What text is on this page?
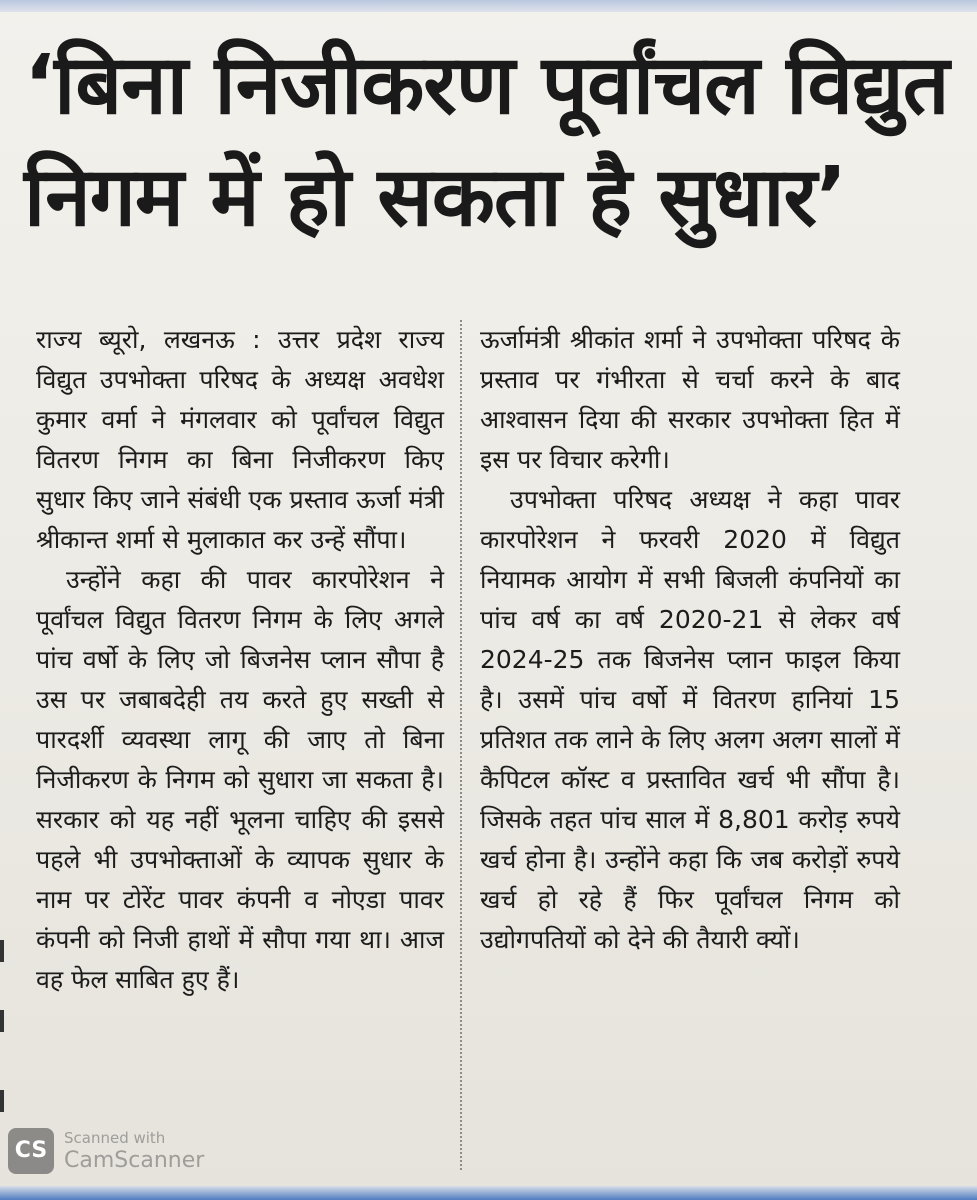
‘बिना निजीकरण पूर्वांचल विद्युत
निगम में हो सकता है सुधार’

राज्य ब्यूरो, लखनऊ : उत्तर प्रदेश राज्य विद्युत उपभोक्ता परिषद के अध्यक्ष अवधेश कुमार वर्मा ने मंगलवार को पूर्वांचल विद्युत वितरण निगम का बिना निजीकरण किए सुधार किए जाने संबंधी एक प्रस्ताव ऊर्जा मंत्री श्रीकान्त शर्मा से मुलाकात कर उन्हें सौंपा।

उन्होंने कहा की पावर कारपोरेशन ने पूर्वांचल विद्युत वितरण निगम के लिए अगले पांच वर्षो के लिए जो बिजनेस प्लान सौपा है उस पर जबाबदेही तय करते हुए सख्ती से पारदर्शी व्यवस्था लागू की जाए तो बिना निजीकरण के निगम को सुधारा जा सकता है। सरकार को यह नहीं भूलना चाहिए की इससे पहले भी उपभोक्ताओं के व्यापक सुधार के नाम पर टोरेंट पावर कंपनी व नोएडा पावर कंपनी को निजी हाथों में सौपा गया था। आज वह फेल साबित हुए हैं।

ऊर्जामंत्री श्रीकांत शर्मा ने उपभोक्ता परिषद के प्रस्ताव पर गंभीरता से चर्चा करने के बाद आश्वासन दिया की सरकार उपभोक्ता हित में इस पर विचार करेगी।

उपभोक्ता परिषद अध्यक्ष ने कहा पावर कारपोरेशन ने फरवरी 2020 में विद्युत नियामक आयोग में सभी बिजली कंपनियों का पांच वर्ष का वर्ष 2020-21 से लेकर वर्ष 2024-25 तक बिजनेस प्लान फाइल किया है। उसमें पांच वर्षो में वितरण हानियां 15 प्रतिशत तक लाने के लिए अलग अलग सालों में कैपिटल कॉस्ट व प्रस्तावित खर्च भी सौंपा है। जिसके तहत पांच साल में 8,801 करोड़ रुपये खर्च होना है। उन्होंने कहा कि जब करोड़ों रुपये खर्च हो रहे हैं फिर पूर्वांचल निगम को उद्योगपतियों को देने की तैयारी क्यों।

CS	Scanned with
CamScanner
